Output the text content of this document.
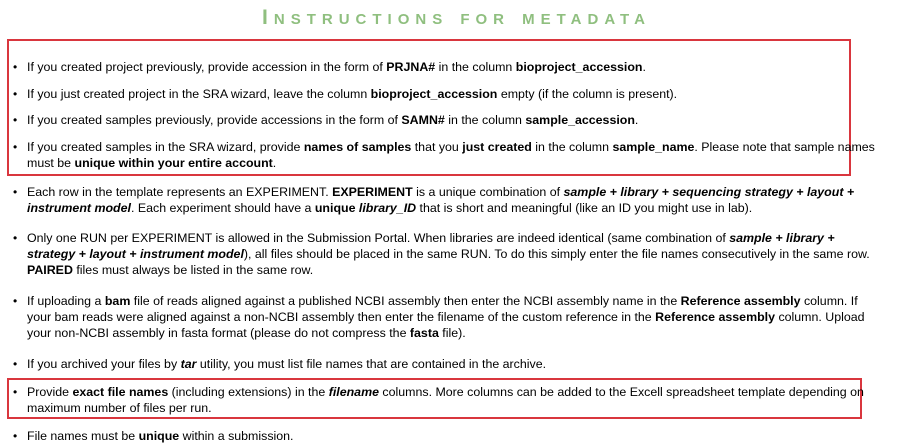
instructions for metadata
• If you created project previously, provide accession in the form of PRJNA# in the column bioproject_accession.
• If you just created project in the SRA wizard, leave the column bioproject_accession empty (if the column is present).
• If you created samples previously, provide accessions in the form of SAMN# in the column sample_accession.
• If you created samples in the SRA wizard, provide names of samples that you just created in the column sample_name. Please note that sample names must be unique within your entire account.
• Each row in the template represents an EXPERIMENT. EXPERIMENT is a unique combination of sample + library + sequencing strategy + layout + instrument model. Each experiment should have a unique library_ID that is short and meaningful (like an ID you might use in lab).
• Only one RUN per EXPERIMENT is allowed in the Submission Portal. When libraries are indeed identical (same combination of sample + library + strategy + layout + instrument model), all files should be placed in the same RUN. To do this simply enter the file names consecutively in the same row. PAIRED files must always be listed in the same row.
• If uploading a bam file of reads aligned against a published NCBI assembly then enter the NCBI assembly name in the Reference assembly column. If your bam reads were aligned against a non-NCBI assembly then enter the filename of the custom reference in the Reference assembly column. Upload your non-NCBI assembly in fasta format (please do not compress the fasta file).
• If you archived your files by tar utility, you must list file names that are contained in the archive.
• Provide exact file names (including extensions) in the filename columns. More columns can be added to the Excell spreadsheet template depending on maximum number of files per run.
• File names must be unique within a submission.
